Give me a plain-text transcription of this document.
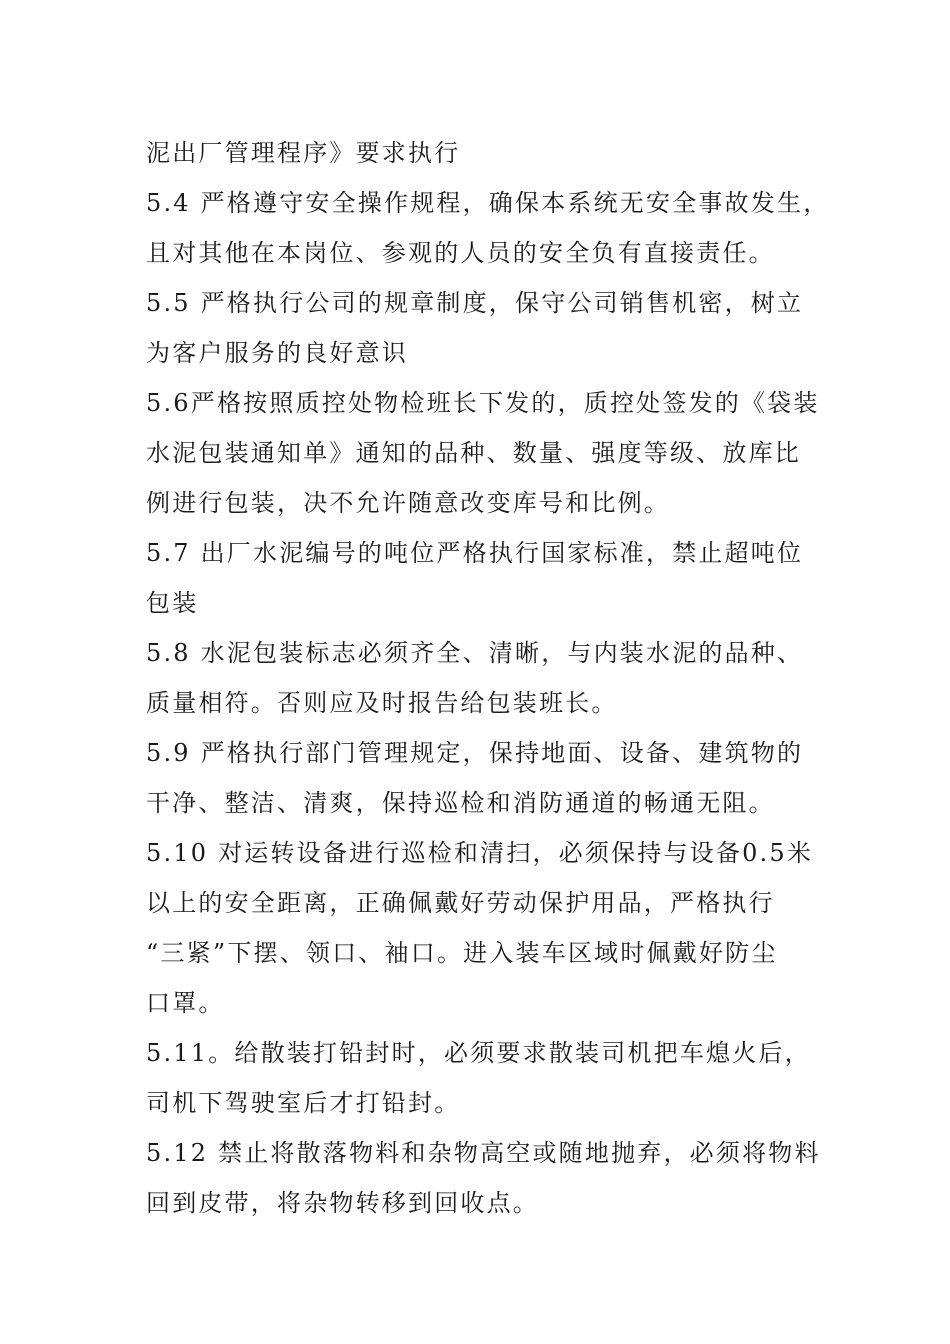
泥出厂管理程序》要求执行
5.4 严格遵守安全操作规程，确保本系统无安全事故发生，
且对其他在本岗位、参观的人员的安全负有直接责任。
5.5 严格执行公司的规章制度，保守公司销售机密，树立
为客户服务的良好意识
5.6严格按照质控处物检班长下发的，质控处签发的《袋装
水泥包装通知单》通知的品种、数量、强度等级、放库比
例进行包装，决不允许随意改变库号和比例。
5.7 出厂水泥编号的吨位严格执行国家标准，禁止超吨位
包装
5.8 水泥包装标志必须齐全、清晰，与内装水泥的品种、
质量相符。否则应及时报告给包装班长。
5.9 严格执行部门管理规定，保持地面、设备、建筑物的
干净、整洁、清爽，保持巡检和消防通道的畅通无阻。
5.10 对运转设备进行巡检和清扫，必须保持与设备0.5米
以上的安全距离，正确佩戴好劳动保护用品，严格执行
“三紧”下摆、领口、袖口。进入装车区域时佩戴好防尘
口罩。
5.11。给散装打铅封时，必须要求散装司机把车熄火后，
司机下驾驶室后才打铅封。
5.12 禁止将散落物料和杂物高空或随地抛弃，必须将物料
回到皮带，将杂物转移到回收点。
